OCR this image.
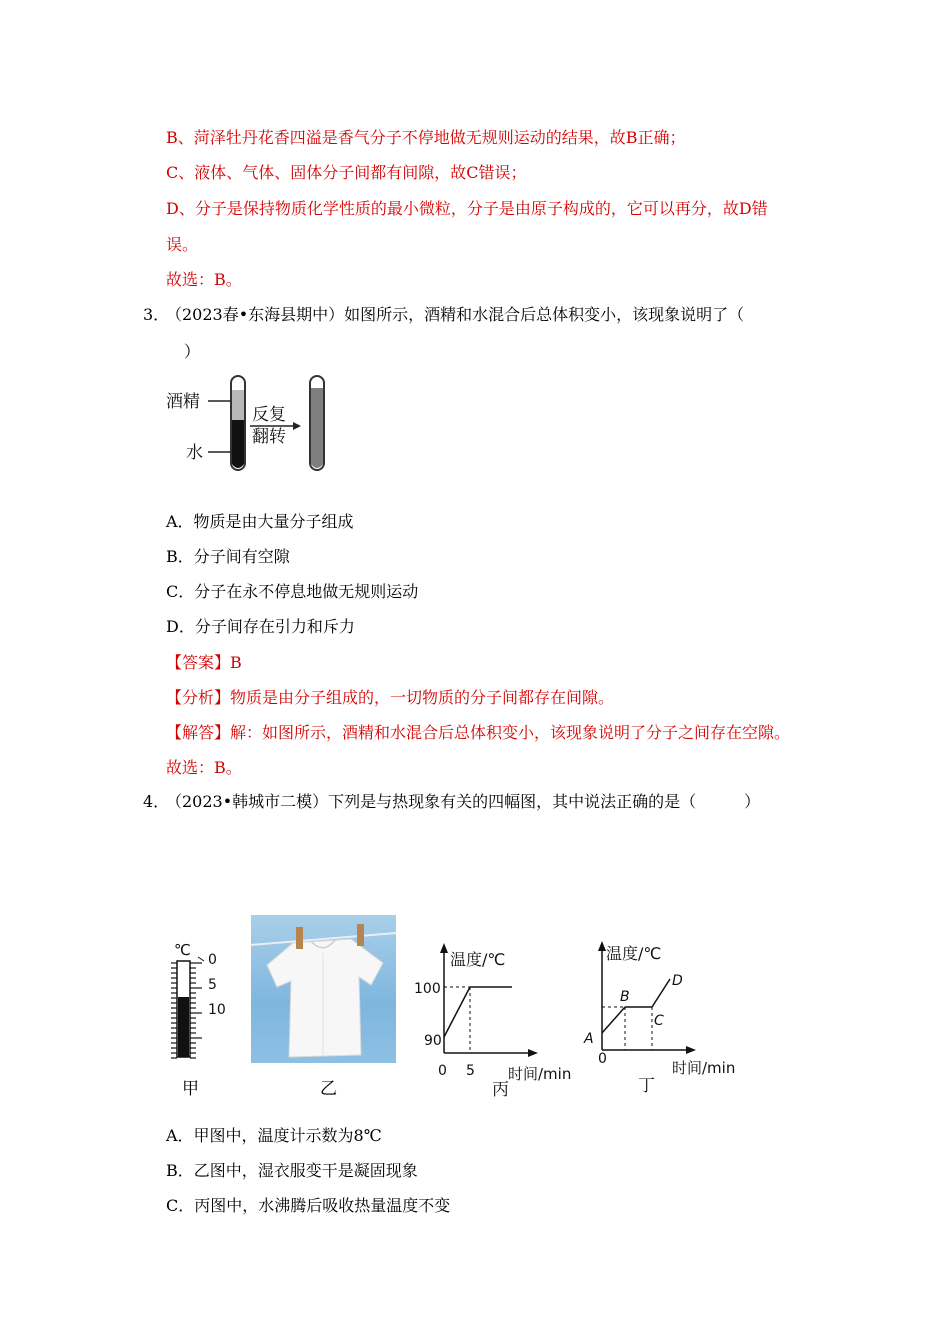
B、菏泽牡丹花香四溢是香气分子不停地做无规则运动的结果，故B正确；
C、液体、气体、固体分子间都有间隙，故C错误；
D、分子是保持物质化学性质的最小微粒，分子是由原子构成的，它可以再分，故D错
误。
故选：B。
3．
（2023春•东海县期中）如图所示，酒精和水混合后总体积变小，该现象说明了（
）
酒精
水
反复
翻转
A．物质是由大量分子组成
B．分子间有空隙
C．分子在永不停息地做无规则运动
D．分子间存在引力和斥力
【答案】B
【分析】物质是由分子组成的，一切物质的分子间都存在间隙。
【解答】解：如图所示，酒精和水混合后总体积变小，该现象说明了分子之间存在空隙。
故选：B。
4．
（2023•韩城市二模）下列是与热现象有关的四幅图，其中说法正确的是（　　　）
℃
0
5
10
温度/℃
100
90
0 5 时间/min
丙
温度/℃
A
B
C
D
0	时间/min
丁
甲	乙
A．甲图中，温度计示数为8℃
B．乙图中，湿衣服变干是凝固现象
C．丙图中，水沸腾后吸收热量温度不变
